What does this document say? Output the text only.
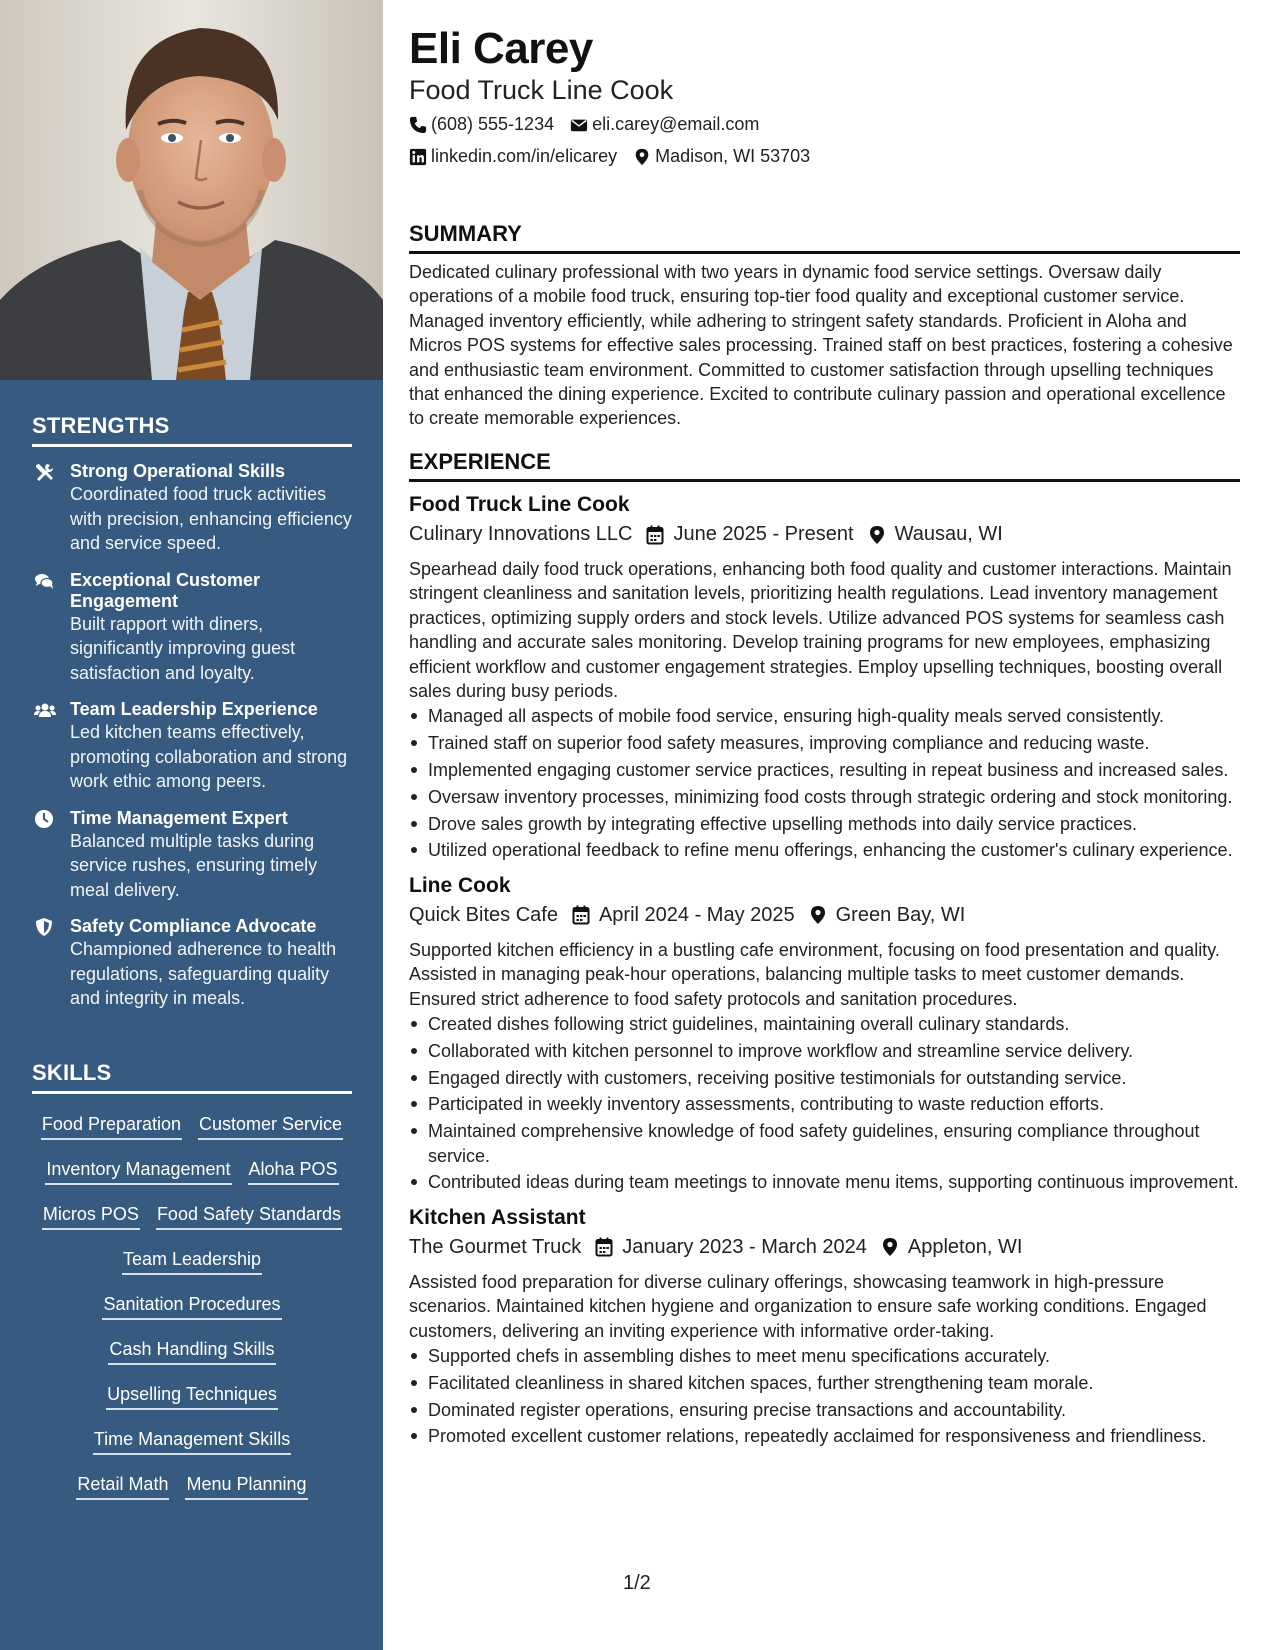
STRENGTHS
Strong Operational Skills
Coordinated food truck activities with precision, enhancing efficiency and service speed.
Exceptional Customer Engagement
Built rapport with diners, significantly improving guest satisfaction and loyalty.
Team Leadership Experience
Led kitchen teams effectively, promoting collaboration and strong work ethic among peers.
Time Management Expert
Balanced multiple tasks during service rushes, ensuring timely meal delivery.
Safety Compliance Advocate
Championed adherence to health regulations, safeguarding quality and integrity in meals.
SKILLS
Food Preparation Customer Service
Inventory Management Aloha POS
Micros POS Food Safety Standards
Team Leadership
Sanitation Procedures
Cash Handling Skills
Upselling Techniques
Time Management Skills
Retail Math Menu Planning
Eli Carey
Food Truck Line Cook
(608) 555-1234 eli.carey@email.com
linkedin.com/in/elicarey Madison, WI 53703
SUMMARY
Dedicated culinary professional with two years in dynamic food service settings. Oversaw daily operations of a mobile food truck, ensuring top-tier food quality and exceptional customer service. Managed inventory efficiently, while adhering to stringent safety standards. Proficient in Aloha and Micros POS systems for effective sales processing. Trained staff on best practices, fostering a cohesive and enthusiastic team environment. Committed to customer satisfaction through upselling techniques that enhanced the dining experience. Excited to contribute culinary passion and operational excellence to create memorable experiences.
EXPERIENCE
Food Truck Line Cook
Culinary Innovations LLC June 2025 - Present Wausau, WI
Spearhead daily food truck operations, enhancing both food quality and customer interactions. Maintain stringent cleanliness and sanitation levels, prioritizing health regulations. Lead inventory management practices, optimizing supply orders and stock levels. Utilize advanced POS systems for seamless cash handling and accurate sales monitoring. Develop training programs for new employees, emphasizing efficient workflow and customer engagement strategies. Employ upselling techniques, boosting overall sales during busy periods.
Managed all aspects of mobile food service, ensuring high-quality meals served consistently.
Trained staff on superior food safety measures, improving compliance and reducing waste.
Implemented engaging customer service practices, resulting in repeat business and increased sales.
Oversaw inventory processes, minimizing food costs through strategic ordering and stock monitoring.
Drove sales growth by integrating effective upselling methods into daily service practices.
Utilized operational feedback to refine menu offerings, enhancing the customer's culinary experience.
Line Cook
Quick Bites Cafe April 2024 - May 2025 Green Bay, WI
Supported kitchen efficiency in a bustling cafe environment, focusing on food presentation and quality. Assisted in managing peak-hour operations, balancing multiple tasks to meet customer demands. Ensured strict adherence to food safety protocols and sanitation procedures.
Created dishes following strict guidelines, maintaining overall culinary standards.
Collaborated with kitchen personnel to improve workflow and streamline service delivery.
Engaged directly with customers, receiving positive testimonials for outstanding service.
Participated in weekly inventory assessments, contributing to waste reduction efforts.
Maintained comprehensive knowledge of food safety guidelines, ensuring compliance throughout service.
Contributed ideas during team meetings to innovate menu items, supporting continuous improvement.
Kitchen Assistant
The Gourmet Truck January 2023 - March 2024 Appleton, WI
Assisted food preparation for diverse culinary offerings, showcasing teamwork in high-pressure scenarios. Maintained kitchen hygiene and organization to ensure safe working conditions. Engaged customers, delivering an inviting experience with informative order-taking.
Supported chefs in assembling dishes to meet menu specifications accurately.
Facilitated cleanliness in shared kitchen spaces, further strengthening team morale.
Dominated register operations, ensuring precise transactions and accountability.
Promoted excellent customer relations, repeatedly acclaimed for responsiveness and friendliness.
1/2
